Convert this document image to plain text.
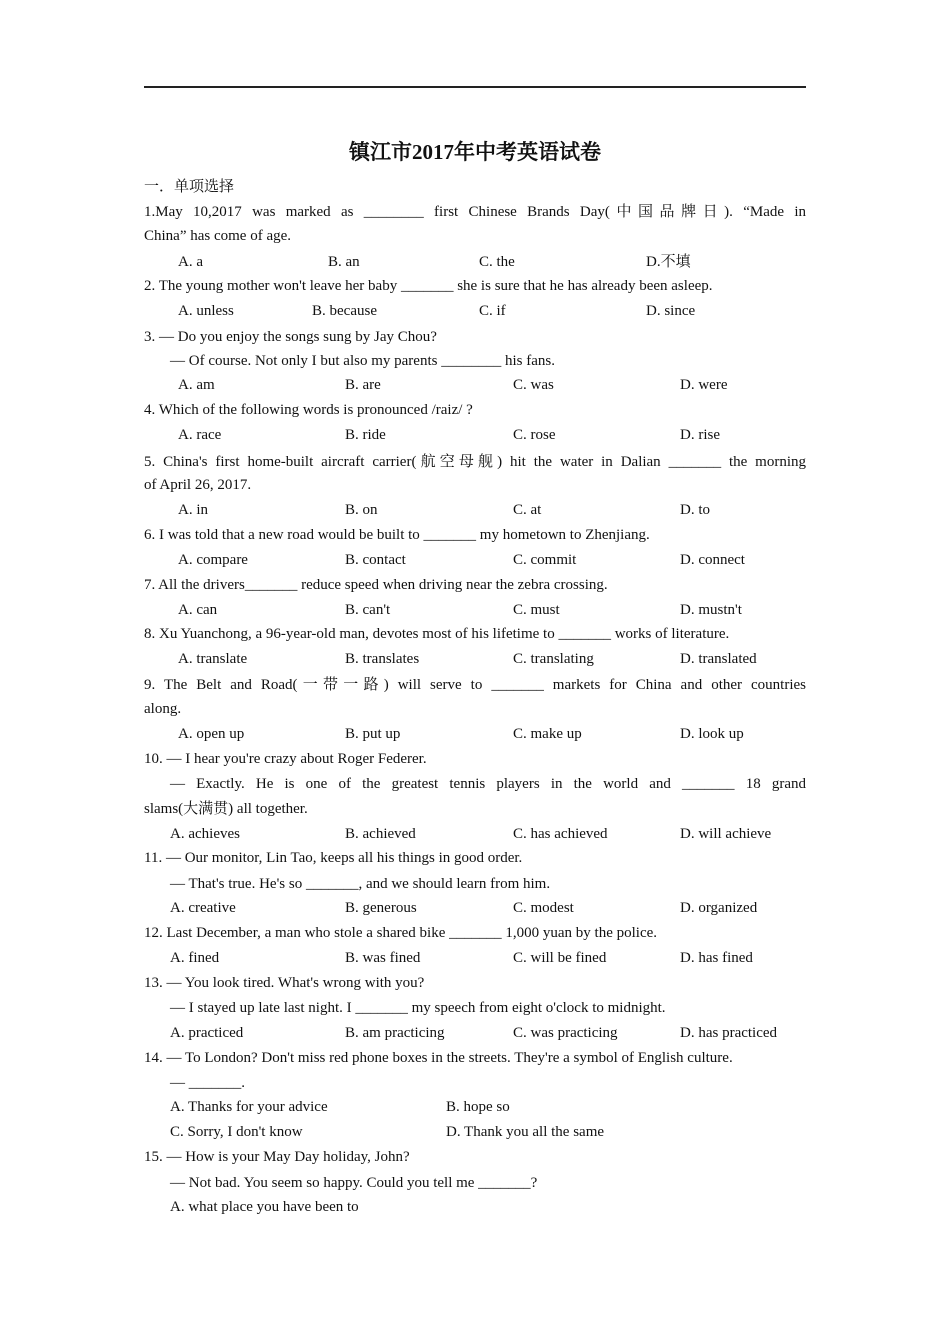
镇江市2017年中考英语试卷
一．单项选择
1.May 10,2017 was marked as ________ first Chinese Brands Day(中国品牌日). “Made in
China” has come of age.
A. a	B. an	C. the	D.不填
2. The young mother won't leave her baby _______ she is sure that he has already been asleep.
A. unless	B. because	C. if	D. since
3. — Do you enjoy the songs sung by Jay Chou?
— Of course. Not only I but also my parents ________ his fans.
A. am	B. are	C. was	D. were
4. Which of the following words is pronounced /raiz/ ?
A. race	B. ride	C. rose	D. rise
5. China's first home-built aircraft carrier(航空母舰) hit the water in Dalian _______ the morning
of April 26, 2017.
A. in	B. on	C. at	D. to
6. I was told that a new road would be built to _______ my hometown to Zhenjiang.
A. compare	B. contact	C. commit	D. connect
7. All the drivers_______ reduce speed when driving near the zebra crossing.
A. can	B. can't	C. must	D. mustn't
8. Xu Yuanchong, a 96-year-old man, devotes most of his lifetime to _______ works of literature.
A. translate	B. translates	C. translating	D. translated
9. The Belt and Road(一带一路) will serve to _______ markets for China and other countries
along.
A. open up	B. put up	C. make up	D. look up
10. — I hear you're crazy about Roger Federer.
— Exactly. He is one of the greatest tennis players in the world and _______ 18 grand
slams(大满贯) all together.
A. achieves	B. achieved	C. has achieved	D. will achieve
11. — Our monitor, Lin Tao, keeps all his things in good order.
— That's true. He's so _______, and we should learn from him.
A. creative	B. generous	C. modest	D. organized
12. Last December, a man who stole a shared bike _______ 1,000 yuan by the police.
A. fined	B. was fined	C. will be fined	D. has fined
13. — You look tired. What's wrong with you?
— I stayed up late last night. I _______ my speech from eight o'clock to midnight.
A. practiced	B. am practicing	C. was practicing	D. has practiced
14. — To London? Don't miss red phone boxes in the streets. They're a symbol of English culture.
— _______.
A. Thanks for your advice	B. hope so
C. Sorry, I don't know	D. Thank you all the same
15. — How is your May Day holiday, John?
— Not bad. You seem so happy. Could you tell me _______?
A. what place you have been to
